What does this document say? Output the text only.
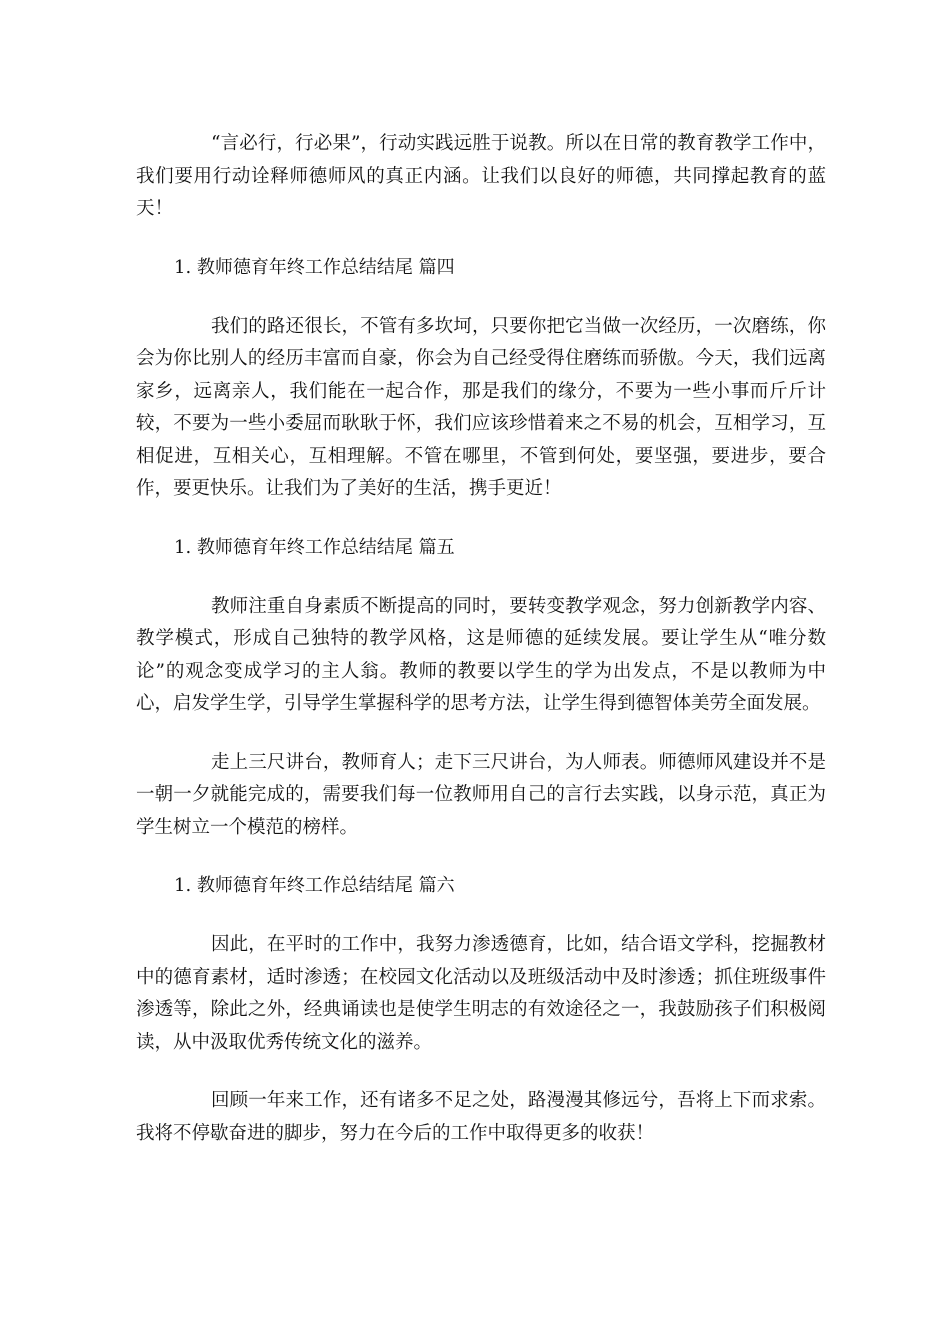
“言必行，行必果”，行动实践远胜于说教。所以在日常的教育教学工作中，我们要用行动诠释师德师风的真正内涵。让我们以良好的师德，共同撑起教育的蓝天！

1. 教师德育年终工作总结结尾 篇四

我们的路还很长，不管有多坎坷，只要你把它当做一次经历，一次磨练，你会为你比别人的经历丰富而自豪，你会为自己经受得住磨练而骄傲。今天，我们远离家乡，远离亲人，我们能在一起合作，那是我们的缘分，不要为一些小事而斤斤计较，不要为一些小委屈而耿耿于怀，我们应该珍惜着来之不易的机会，互相学习，互相促进，互相关心，互相理解。不管在哪里，不管到何处，要坚强，要进步，要合作，要更快乐。让我们为了美好的生活，携手更近！

1. 教师德育年终工作总结结尾 篇五

教师注重自身素质不断提高的同时，要转变教学观念，努力创新教学内容、教学模式，形成自己独特的教学风格，这是师德的延续发展。要让学生从“唯分数论”的观念变成学习的主人翁。教师的教要以学生的学为出发点，不是以教师为中心，启发学生学，引导学生掌握科学的思考方法，让学生得到德智体美劳全面发展。

走上三尺讲台，教师育人；走下三尺讲台，为人师表。师德师风建设并不是一朝一夕就能完成的，需要我们每一位教师用自己的言行去实践，以身示范，真正为学生树立一个模范的榜样。

1. 教师德育年终工作总结结尾 篇六

因此，在平时的工作中，我努力渗透德育，比如，结合语文学科，挖掘教材中的德育素材，适时渗透；在校园文化活动以及班级活动中及时渗透；抓住班级事件渗透等，除此之外，经典诵读也是使学生明志的有效途径之一，我鼓励孩子们积极阅读，从中汲取优秀传统文化的滋养。

回顾一年来工作，还有诸多不足之处，路漫漫其修远兮，吾将上下而求索。我将不停歇奋进的脚步，努力在今后的工作中取得更多的收获！
